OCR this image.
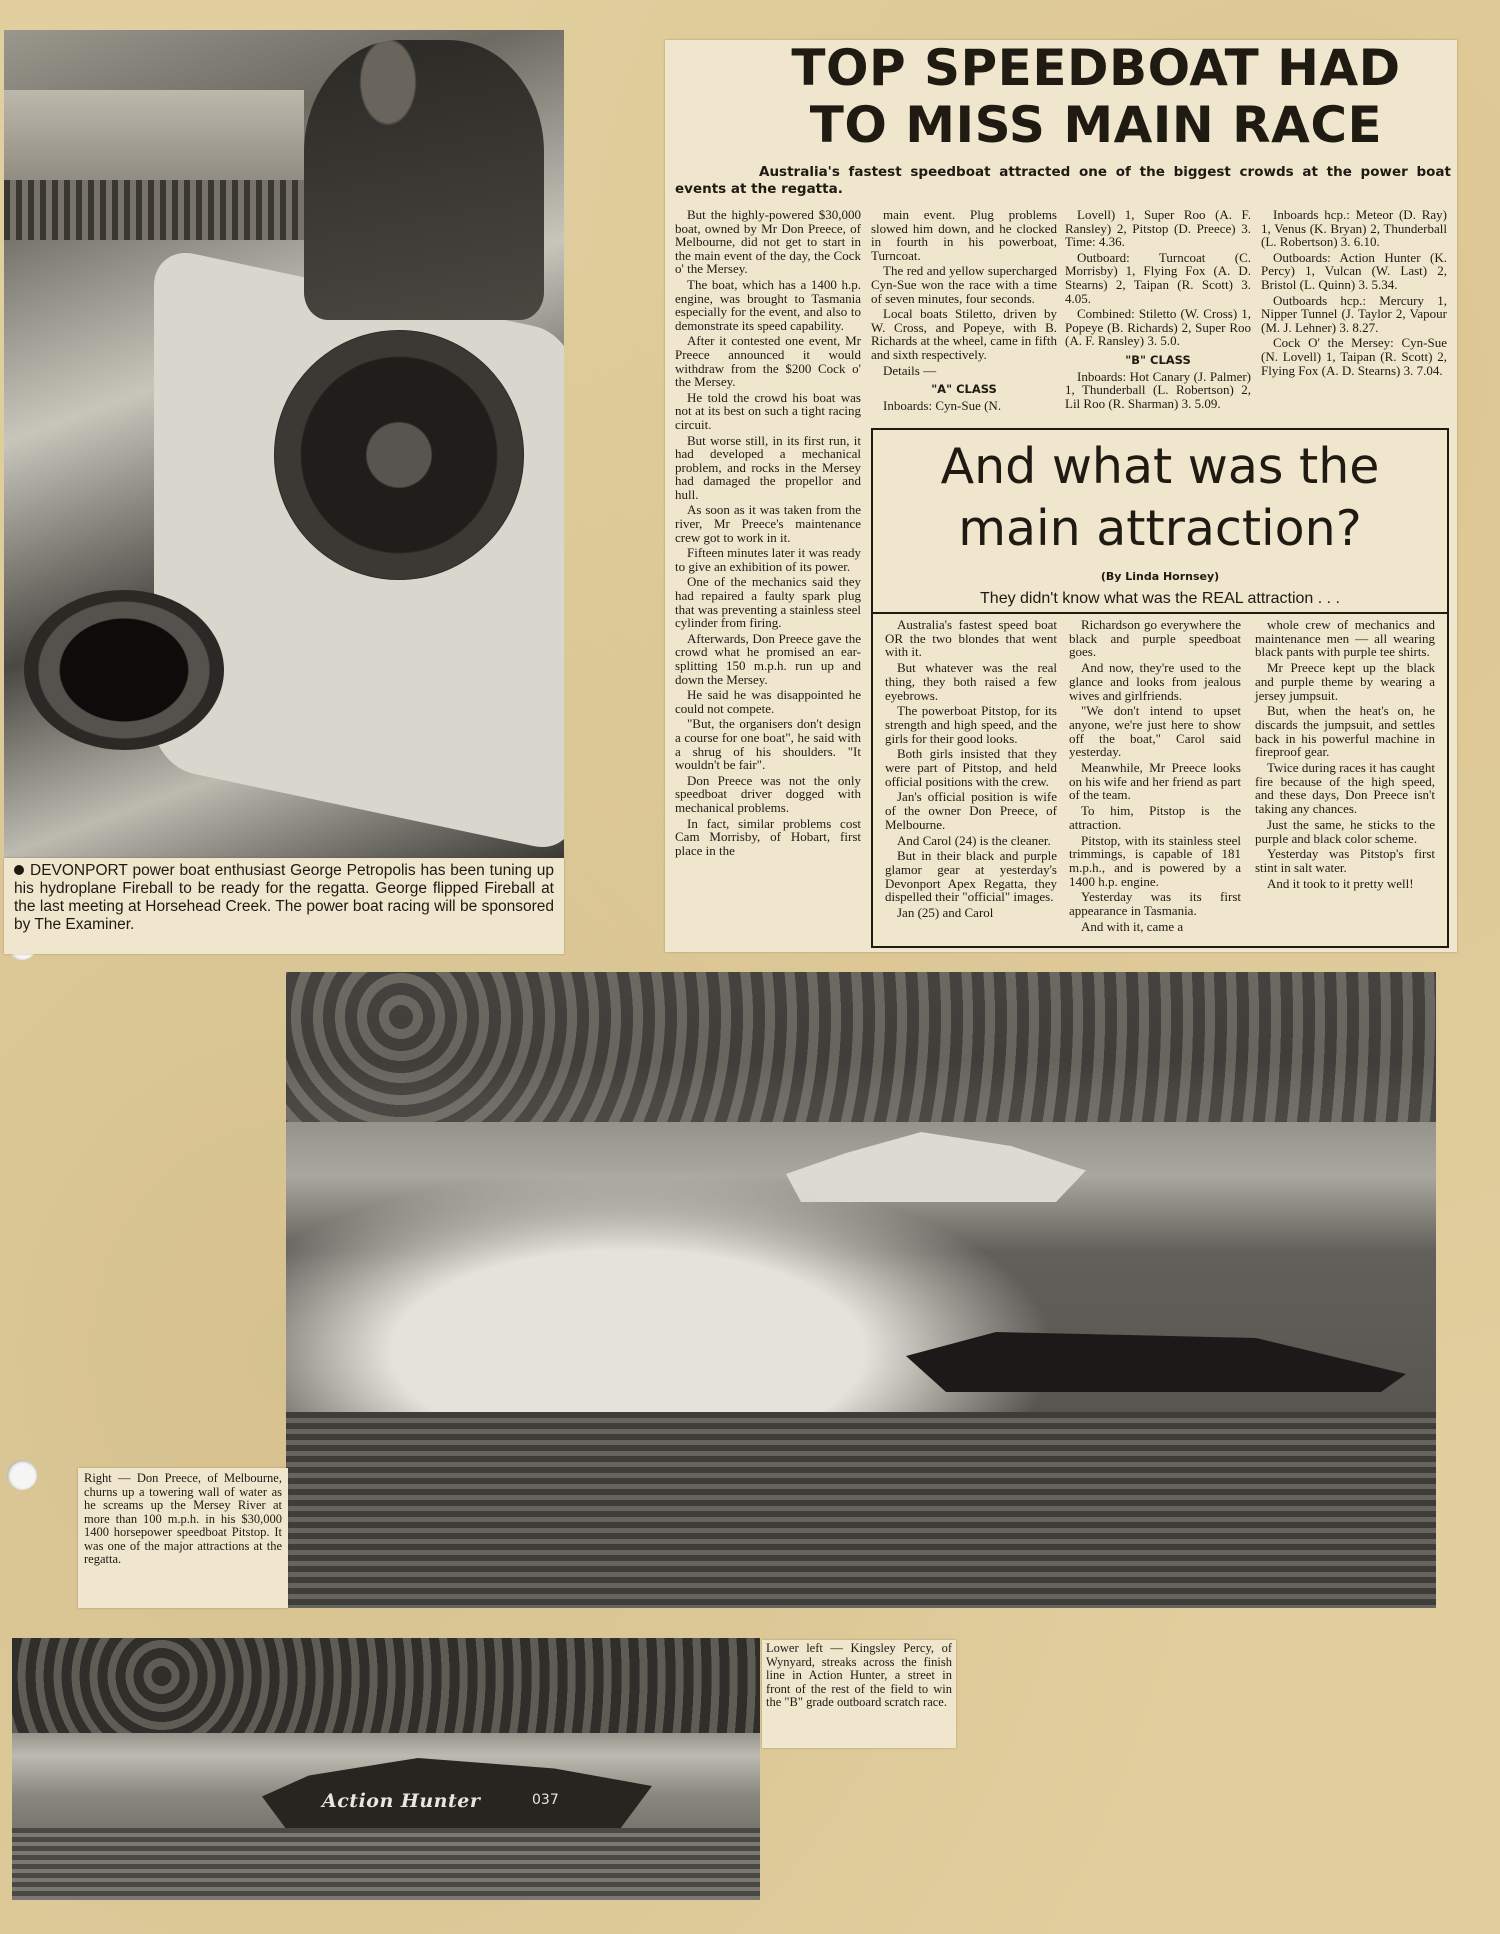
DEVONPORT power boat enthusiast George Petropolis has been tuning up his hydroplane Fireball to be ready for the regatta. George flipped Fireball at the last meeting at Horsehead Creek. The power boat racing will be sponsored by The Examiner.
TOP SPEEDBOAT HAD
TO MISS MAIN RACE
Australia's fastest speedboat attracted one of the biggest crowds at the power boat events at the regatta.

But the highly-powered $30,000 boat, owned by Mr Don Preece, of Melbourne, did not get to start in the main event of the day, the Cock o' the Mersey.

The boat, which has a 1400 h.p. engine, was brought to Tasmania especially for the event, and also to demonstrate its speed capability.

After it contested one event, Mr Preece announced it would withdraw from the $200 Cock o' the Mersey.

He told the crowd his boat was not at its best on such a tight racing circuit.

But worse still, in its first run, it had developed a mechanical problem, and rocks in the Mersey had damaged the propellor and hull.

As soon as it was taken from the river, Mr Preece's maintenance crew got to work in it.

Fifteen minutes later it was ready to give an exhibition of its power.

One of the mechanics said they had repaired a faulty spark plug that was preventing a stainless steel cylinder from firing.

Afterwards, Don Preece gave the crowd what he promised an ear-splitting 150 m.p.h. run up and down the Mersey.

He said he was disappointed he could not compete.

"But, the organisers don't design a course for one boat", he said with a shrug of his shoulders. "It wouldn't be fair".

Don Preece was not the only speedboat driver dogged with mechanical problems.

In fact, similar problems cost Cam Morrisby, of Hobart, first place in the

main event. Plug problems slowed him down, and he clocked in fourth in his powerboat, Turncoat.

The red and yellow supercharged Cyn-Sue won the race with a time of seven minutes, four seconds.

Local boats Stiletto, driven by W. Cross, and Popeye, with B. Richards at the wheel, came in fifth and sixth respectively.

Details —

"A" CLASS

Inboards: Cyn-Sue (N.

Lovell) 1, Super Roo (A. F. Ransley) 2, Pitstop (D. Preece) 3. Time: 4.36.

Outboard: Turncoat (C. Morrisby) 1, Flying Fox (A. D. Stearns) 2, Taipan (R. Scott) 3. 4.05.

Combined: Stiletto (W. Cross) 1, Popeye (B. Richards) 2, Super Roo (A. F. Ransley) 3. 5.0.

"B" CLASS

Inboards: Hot Canary (J. Palmer) 1, Thunderball (L. Robertson) 2, Lil Roo (R. Sharman) 3. 5.09.

Inboards hcp.: Meteor (D. Ray) 1, Venus (K. Bryan) 2, Thunderball (L. Robertson) 3. 6.10.

Outboards: Action Hunter (K. Percy) 1, Vulcan (W. Last) 2, Bristol (L. Quinn) 3. 5.34.

Outboards hcp.: Mercury 1, Nipper Tunnel (J. Taylor 2, Vapour (M. J. Lehner) 3. 8.27.

Cock O' the Mersey: Cyn-Sue (N. Lovell) 1, Taipan (R. Scott) 2, Flying Fox (A. D. Stearns) 3. 7.04.

And what was the
main attraction?
(By Linda Hornsey)
They didn't know what was the REAL attraction . . .

Australia's fastest speed boat OR the two blondes that went with it.

But whatever was the real thing, they both raised a few eyebrows.

The powerboat Pitstop, for its strength and high speed, and the girls for their good looks.

Both girls insisted that they were part of Pitstop, and held official positions with the crew.

Jan's official position is wife of the owner Don Preece, of Melbourne.

And Carol (24) is the cleaner.

But in their black and purple glamor gear at yesterday's Devonport Apex Regatta, they dispelled their "official" images.

Jan (25) and Carol

Richardson go everywhere the black and purple speedboat goes.

And now, they're used to the glance and looks from jealous wives and girlfriends.

"We don't intend to upset anyone, we're just here to show off the boat," Carol said yesterday.

Meanwhile, Mr Preece looks on his wife and her friend as part of the team.

To him, Pitstop is the attraction.

Pitstop, with its stainless steel trimmings, is capable of 181 m.p.h., and is powered by a 1400 h.p. engine.

Yesterday was its first appearance in Tasmania.

And with it, came a

whole crew of mechanics and maintenance men — all wearing black pants with purple tee shirts.

Mr Preece kept up the black and purple theme by wearing a jersey jumpsuit.

But, when the heat's on, he discards the jumpsuit, and settles back in his powerful machine in fireproof gear.

Twice during races it has caught fire because of the high speed, and these days, Don Preece isn't taking any chances.

Just the same, he sticks to the purple and black color scheme.

Yesterday was Pitstop's first stint in salt water.

And it took to it pretty well!

Right — Don Preece, of Melbourne, churns up a towering wall of water as he screams up the Mersey River at more than 100 m.p.h. in his $30,000 1400 horsepower speedboat Pitstop. It was one of the major attractions at the regatta.
Action Hunter	037
Lower left — Kingsley Percy, of Wynyard, streaks across the finish line in Action Hunter, a street in front of the rest of the field to win the "B" grade outboard scratch race.
